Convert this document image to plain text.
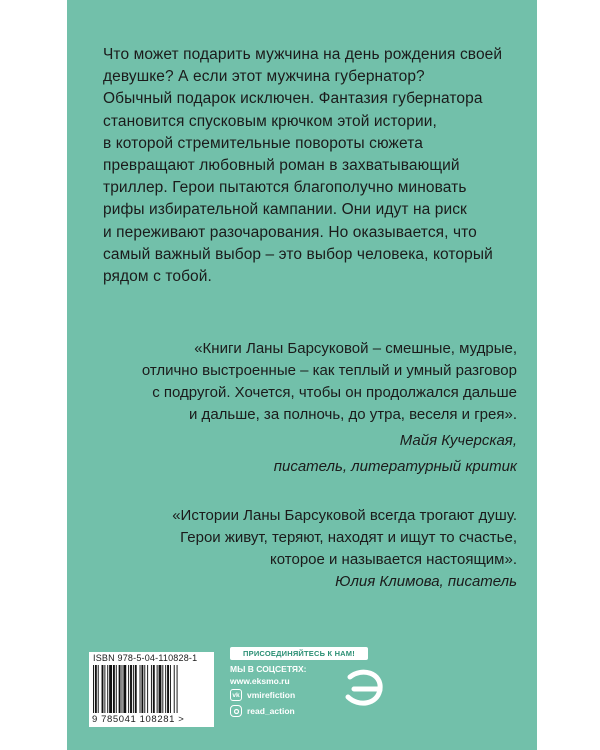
Что может подарить мужчина на день рождения своей
девушке? А если этот мужчина губернатор?
Обычный подарок исключен. Фантазия губернатора
становится спусковым крючком этой истории,
в которой стремительные повороты сюжета
превращают любовный роман в захватывающий
триллер. Герои пытаются благополучно миновать
рифы избирательной кампании. Они идут на риск
и переживают разочарования. Но оказывается, что
самый важный выбор – это выбор человека, который
рядом с тобой.
«Книги Ланы Барсуковой – смешные, мудрые,
отлично выстроенные – как теплый и умный разговор
с подругой. Хочется, чтобы он продолжался дальше
и дальше, за полночь, до утра, веселя и грея».
Майя Кучерская,
писатель, литературный критик
«Истории Ланы Барсуковой всегда трогают душу.
Герои живут, теряют, находят и ищут то счастье,
которое и называется настоящим».
Юлия Климова, писатель
ISBN 978-5-04-110828-1
9 785041 108281 >
ПРИСОЕДИНЯЙТЕСЬ К НАМ!
МЫ В СОЦСЕТЯХ:
www.eksmo.ru
vk vmirefiction
read_action
